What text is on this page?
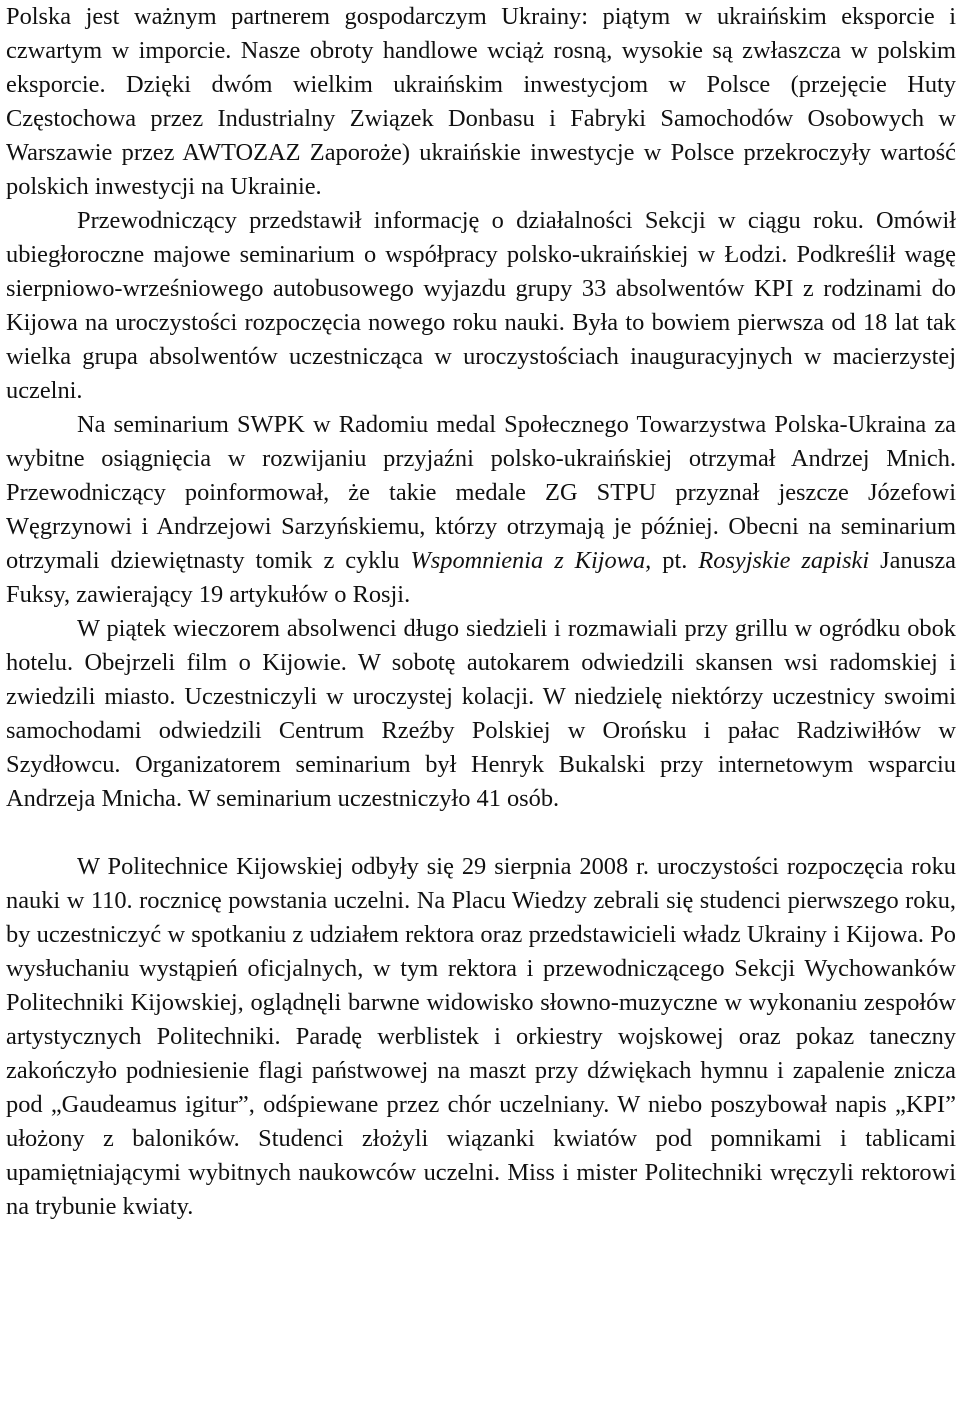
Polska jest ważnym partnerem gospodarczym Ukrainy: piątym w ukraińskim eksporcie i czwartym w imporcie. Nasze obroty handlowe wciąż rosną, wysokie są zwłaszcza w polskim eksporcie. Dzięki dwóm wielkim ukraińskim inwestycjom w Polsce (przejęcie Huty Częstochowa przez Industrialny Związek Donbasu i Fabryki Samochodów Osobowych w Warszawie przez AWTOZAZ Zaporoże) ukraińskie inwestycje w Polsce przekroczyły wartość polskich inwestycji na Ukrainie.

Przewodniczący przedstawił informację o działalności Sekcji w ciągu roku. Omówił ubiegłoroczne majowe seminarium o współpracy polsko-ukraińskiej w Łodzi. Podkreślił wagę sierpniowo-wrześniowego autobusowego wyjazdu grupy 33 absolwentów KPI z rodzinami do Kijowa na uroczystości rozpoczęcia nowego roku nauki. Była to bowiem pierwsza od 18 lat tak wielka grupa absolwentów uczestnicząca w uroczystościach inauguracyjnych w macierzystej uczelni.

Na seminarium SWPK w Radomiu medal Społecznego Towarzystwa Polska-Ukraina za wybitne osiągnięcia w rozwijaniu przyjaźni polsko-ukraińskiej otrzymał Andrzej Mnich. Przewodniczący poinformował, że takie medale ZG STPU przyznał jeszcze Józefowi Węgrzynowi i Andrzejowi Sarzyńskiemu, którzy otrzymają je później. Obecni na seminarium otrzymali dziewiętnasty tomik z cyklu Wspomnienia z Kijowa, pt. Rosyjskie zapiski Janusza Fuksy, zawierający 19 artykułów o Rosji.

W piątek wieczorem absolwenci długo siedzieli i rozmawiali przy grillu w ogródku obok hotelu. Obejrzeli film o Kijowie. W sobotę autokarem odwiedzili skansen wsi radomskiej i zwiedzili miasto. Uczestniczyli w uroczystej kolacji. W niedzielę niektórzy uczestnicy swoimi samochodami odwiedzili Centrum Rzeźby Polskiej w Orońsku i pałac Radziwiłłów w Szydłowcu. Organizatorem seminarium był Henryk Bukalski przy internetowym wsparciu Andrzeja Mnicha. W seminarium uczestniczyło 41 osób.

W Politechnice Kijowskiej odbyły się 29 sierpnia 2008 r. uroczystości rozpoczęcia roku nauki w 110. rocznicę powstania uczelni. Na Placu Wiedzy zebrali się studenci pierwszego roku, by uczestniczyć w spotkaniu z udziałem rektora oraz przedstawicieli władz Ukrainy i Kijowa. Po wysłuchaniu wystąpień oficjalnych, w tym rektora i przewodniczącego Sekcji Wychowanków Politechniki Kijowskiej, oglądnęli barwne widowisko słowno-muzyczne w wykonaniu zespołów artystycznych Politechniki. Paradę werblistek i orkiestry wojskowej oraz pokaz taneczny zakończyło podniesienie flagi państwowej na maszt przy dźwiękach hymnu i zapalenie znicza pod „Gaudeamus igitur”, odśpiewane przez chór uczelniany. W niebo poszybował napis „KPI” ułożony z baloników. Studenci złożyli wiązanki kwiatów pod pomnikami i tablicami upamiętniającymi wybitnych naukowców uczelni. Miss i mister Politechniki wręczyli rektorowi na trybunie kwiaty.
